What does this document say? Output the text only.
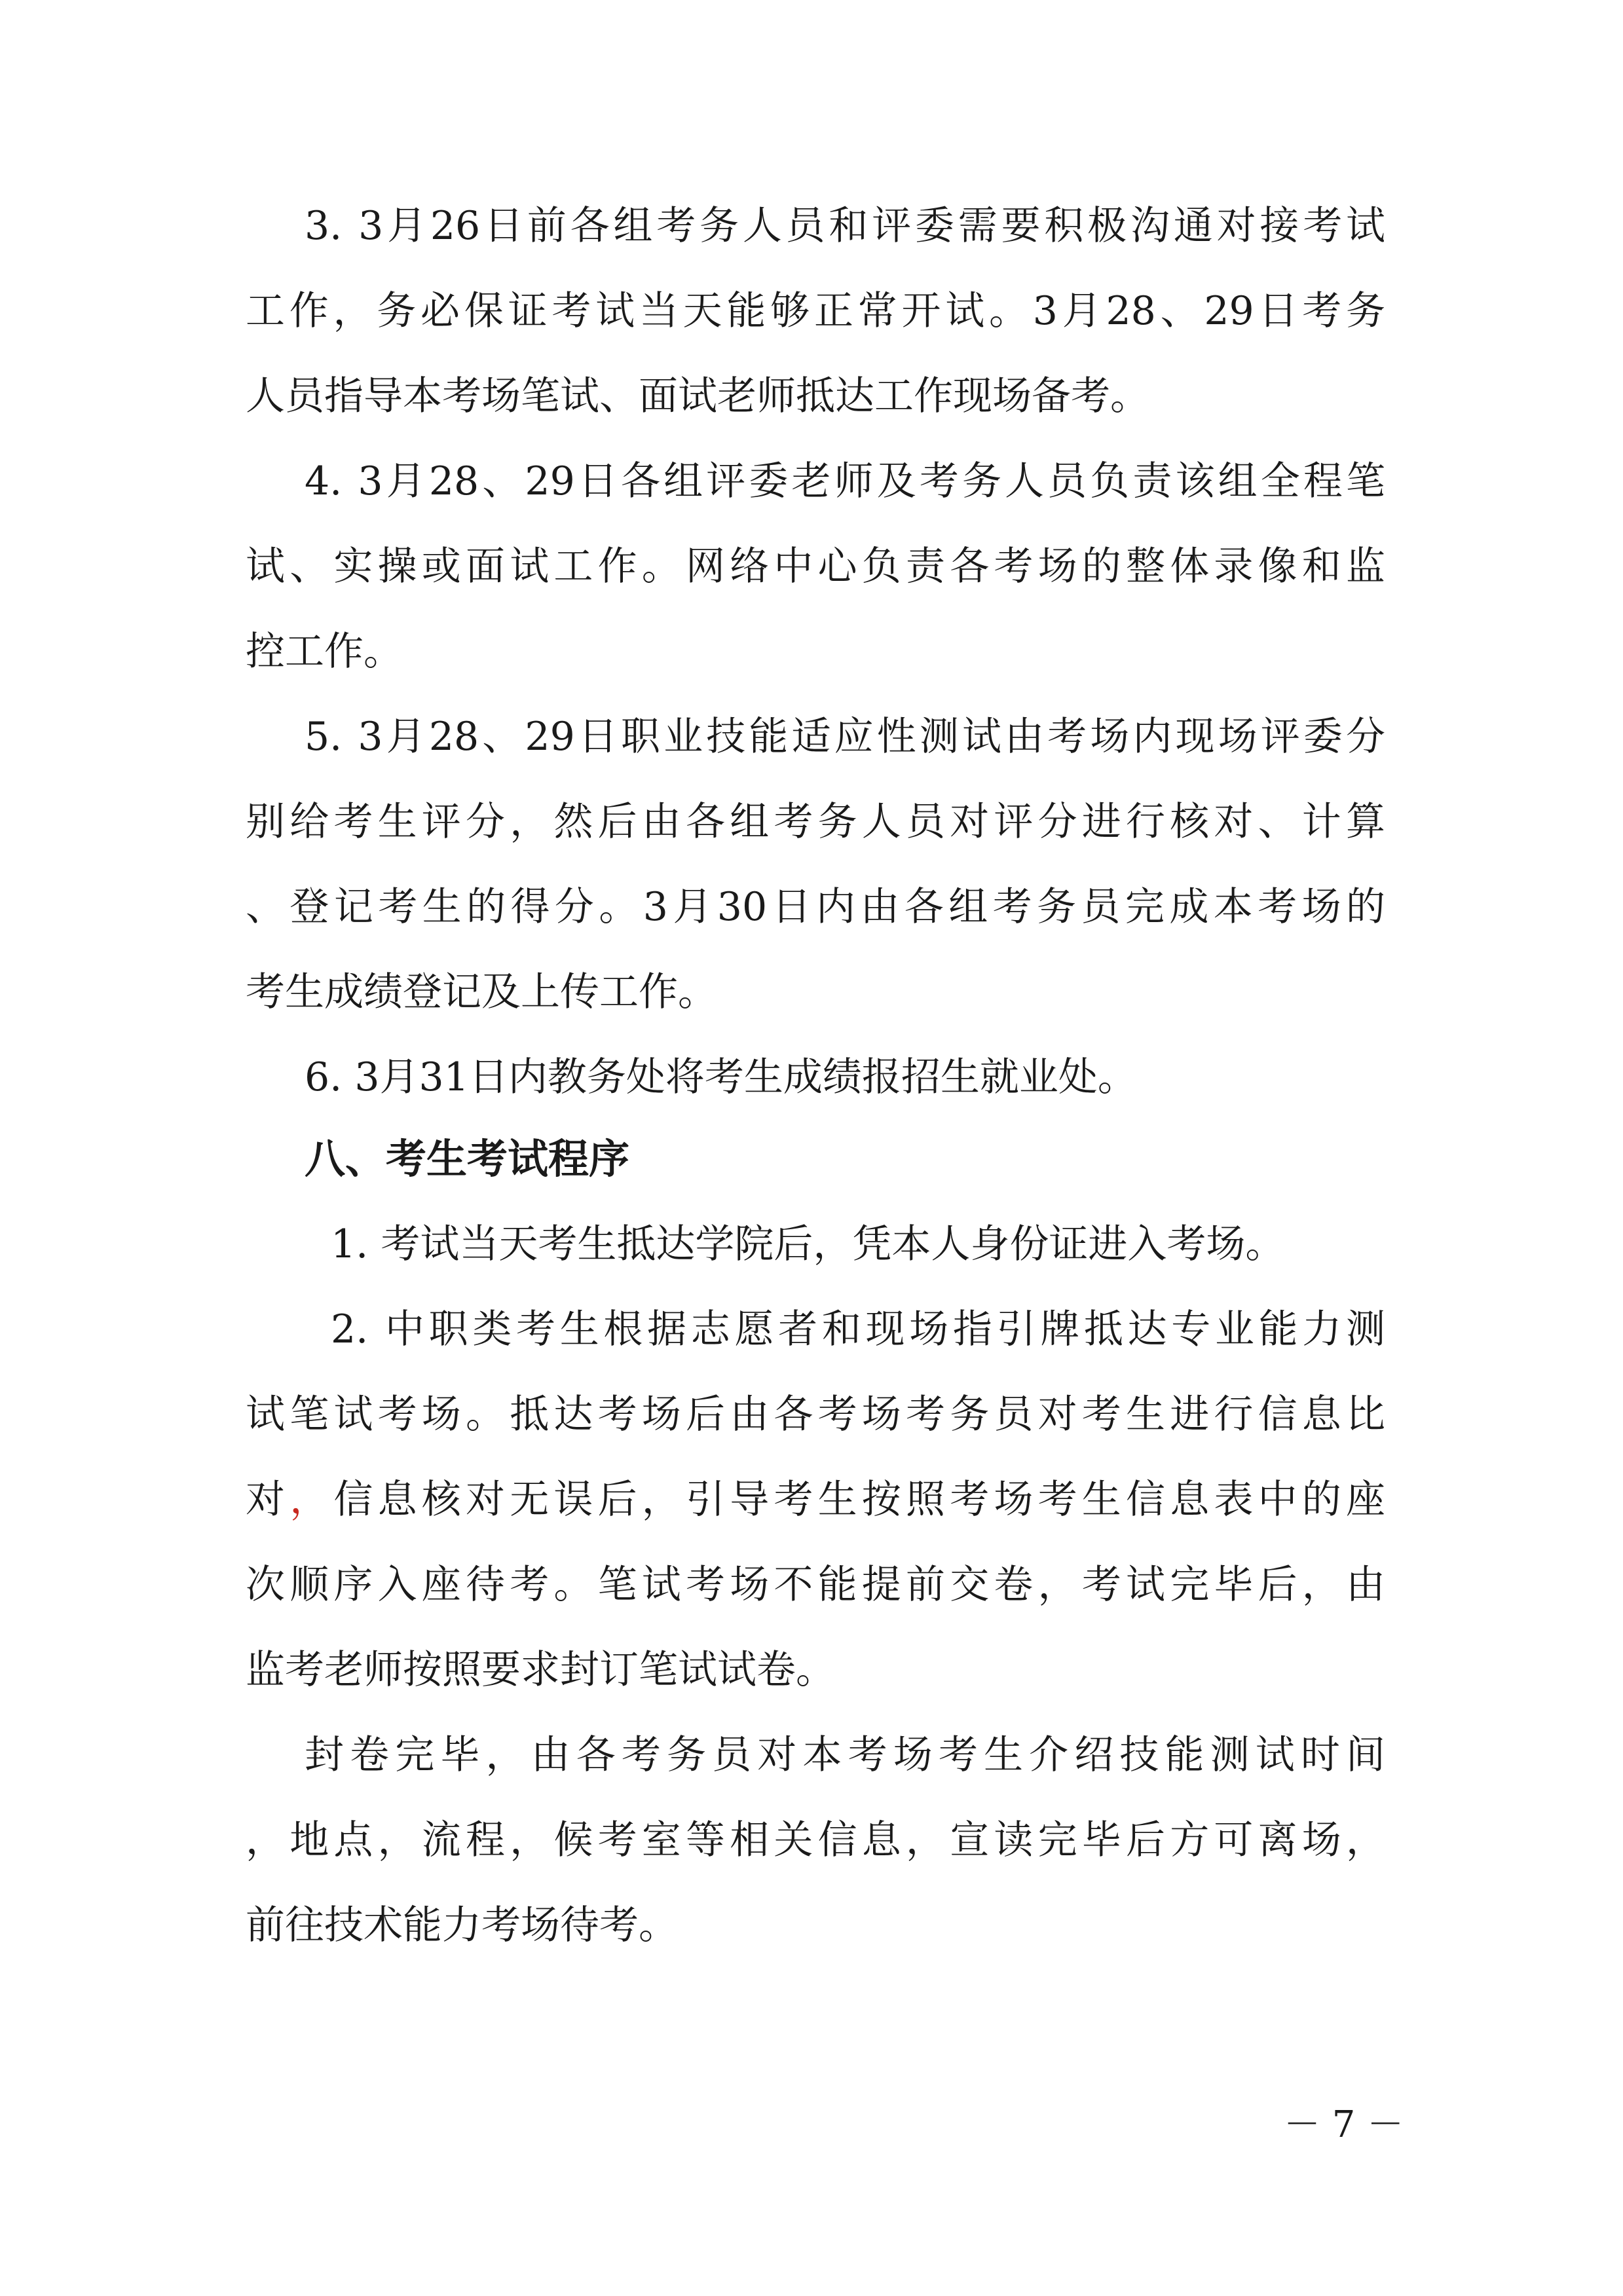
3. 3月26日前各组考务人员和评委需要积极沟通对接考试
工作，务必保证考试当天能够正常开试。3月28、29日考务
人员指导本考场笔试、面试老师抵达工作现场备考。
4. 3月28、29日各组评委老师及考务人员负责该组全程笔
试、实操或面试工作。网络中心负责各考场的整体录像和监
控工作。
5. 3月28、29日职业技能适应性测试由考场内现场评委分
别给考生评分，然后由各组考务人员对评分进行核对、计算
、登记考生的得分。3月30日内由各组考务员完成本考场的
考生成绩登记及上传工作。
6. 3月31日内教务处将考生成绩报招生就业处。
八、考生考试程序
1. 考试当天考生抵达学院后，凭本人身份证进入考场。
2. 中职类考生根据志愿者和现场指引牌抵达专业能力测
试笔试考场。抵达考场后由各考场考务员对考生进行信息比
对，信息核对无误后，引导考生按照考场考生信息表中的座
次顺序入座待考。笔试考场不能提前交卷，考试完毕后，由
监考老师按照要求封订笔试试卷。
封卷完毕，由各考务员对本考场考生介绍技能测试时间
，地点，流程，候考室等相关信息，宣读完毕后方可离场，
前往技术能力考场待考。
－ 7 －
